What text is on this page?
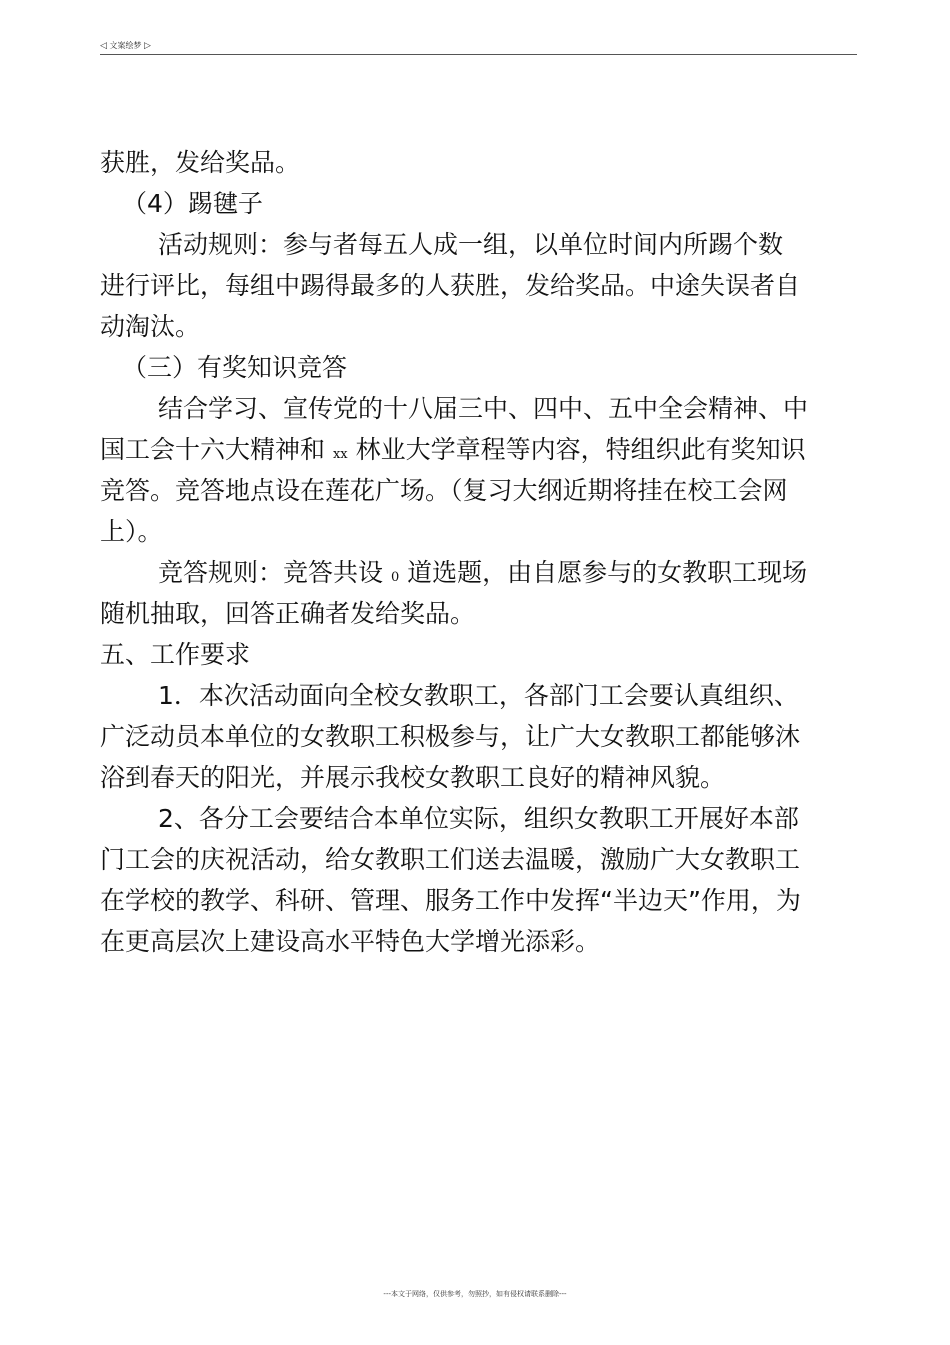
◁ 文案绘梦 ▷
获胜，发给奖品。
（4）踢毽子
活动规则：参与者每五人成一组，以单位时间内所踢个数
进行评比，每组中踢得最多的人获胜，发给奖品。中途失误者自
动淘汰。
（三）有奖知识竞答
结合学习、宣传党的十八届三中、四中、五中全会精神、中
国工会十六大精神和 xx 林业大学章程等内容，特组织此有奖知识
竞答。竞答地点设在莲花广场。（复习大纲近期将挂在校工会网
上）。
竞答规则：竞答共设 0 道选题，由自愿参与的女教职工现场
随机抽取，回答正确者发给奖品。
五、工作要求
1．本次活动面向全校女教职工，各部门工会要认真组织、
广泛动员本单位的女教职工积极参与，让广大女教职工都能够沐
浴到春天的阳光，并展示我校女教职工良好的精神风貌。
2、各分工会要结合本单位实际，组织女教职工开展好本部
门工会的庆祝活动，给女教职工们送去温暖，激励广大女教职工
在学校的教学、科研、管理、服务工作中发挥“半边天”作用，为
在更高层次上建设高水平特色大学增光添彩。
---本文于网络，仅供参考，勿照抄，如有侵权请联系删除---
